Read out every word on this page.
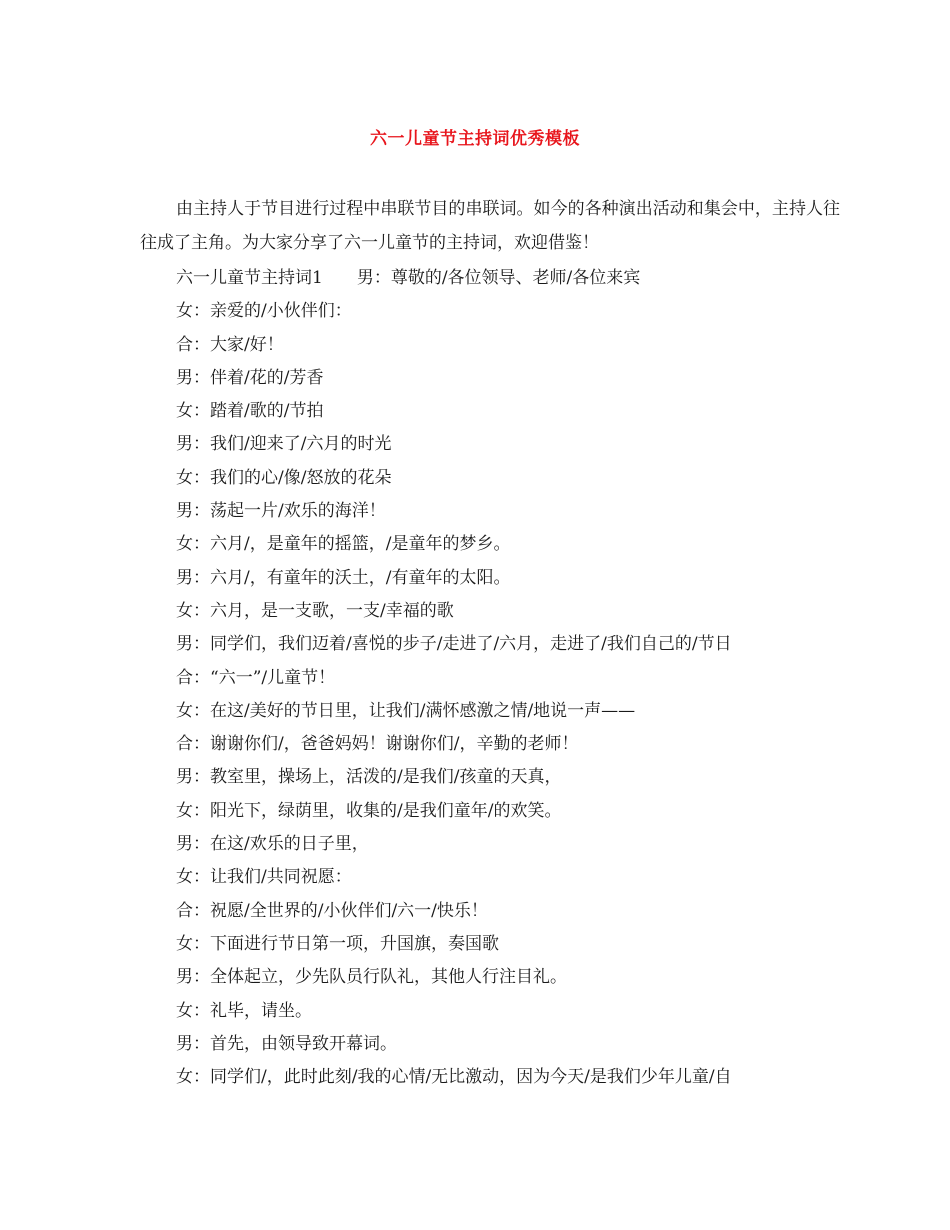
六一儿童节主持词优秀模板
由主持人于节目进行过程中串联节目的串联词。如今的各种演出活动和集会中，主持人往往成了主角。为大家分享了六一儿童节的主持词，欢迎借鉴！
六一儿童节主持词1　　男：尊敬的/各位领导、老师/各位来宾
女：亲爱的/小伙伴们：
合：大家/好！
男：伴着/花的/芳香
女：踏着/歌的/节拍
男：我们/迎来了/六月的时光
女：我们的心/像/怒放的花朵
男：荡起一片/欢乐的海洋！
女：六月/，是童年的摇篮，/是童年的梦乡。
男：六月/，有童年的沃土，/有童年的太阳。
女：六月，是一支歌，一支/幸福的歌
男：同学们，我们迈着/喜悦的步子/走进了/六月，走进了/我们自己的/节日
合：“六一”/儿童节！
女：在这/美好的节日里，让我们/满怀感激之情/地说一声——
合：谢谢你们/，爸爸妈妈！谢谢你们/，辛勤的老师！
男：教室里，操场上，活泼的/是我们/孩童的天真，
女：阳光下，绿荫里，收集的/是我们童年/的欢笑。
男：在这/欢乐的日子里，
女：让我们/共同祝愿：
合：祝愿/全世界的/小伙伴们/六一/快乐！
女：下面进行节日第一项，升国旗，奏国歌
男：全体起立，少先队员行队礼，其他人行注目礼。
女：礼毕，请坐。
男：首先，由领导致开幕词。
女：同学们/，此时此刻/我的心情/无比激动，因为今天/是我们少年儿童/自
